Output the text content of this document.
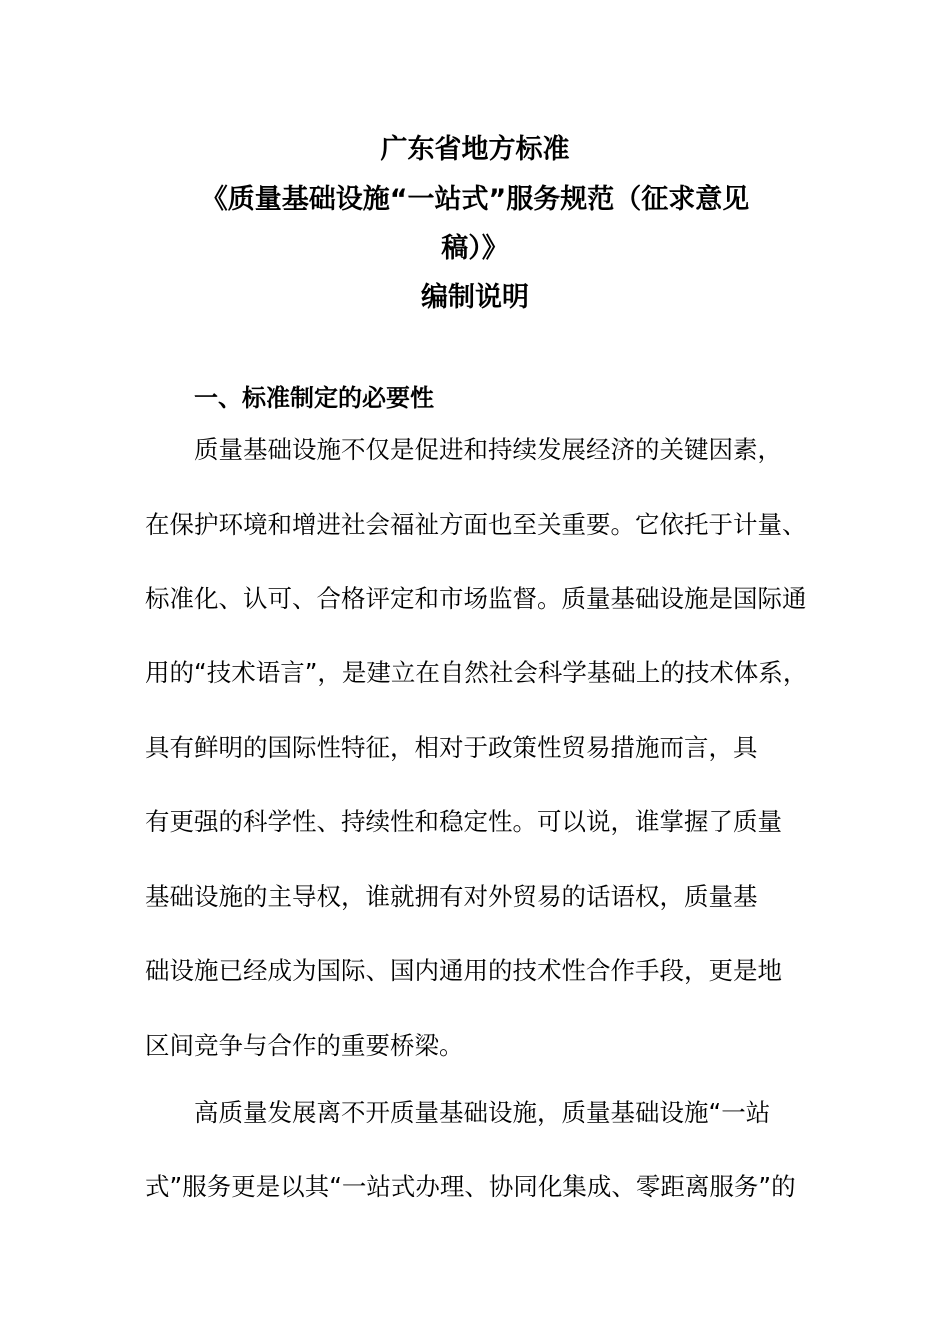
广东省地方标准
《质量基础设施“一站式”服务规范（征求意见
稿）》
编制说明
一、标准制定的必要性
质量基础设施不仅是促进和持续发展经济的关键因素，
在保护环境和增进社会福祉方面也至关重要。它依托于计量、
标准化、认可、合格评定和市场监督。质量基础设施是国际通
用的“技术语言”，是建立在自然社会科学基础上的技术体系，
具有鲜明的国际性特征，相对于政策性贸易措施而言，具
有更强的科学性、持续性和稳定性。可以说，谁掌握了质量
基础设施的主导权，谁就拥有对外贸易的话语权，质量基
础设施已经成为国际、国内通用的技术性合作手段，更是地
区间竞争与合作的重要桥梁。
高质量发展离不开质量基础设施，质量基础设施“一站
式”服务更是以其“一站式办理、协同化集成、零距离服务”的
